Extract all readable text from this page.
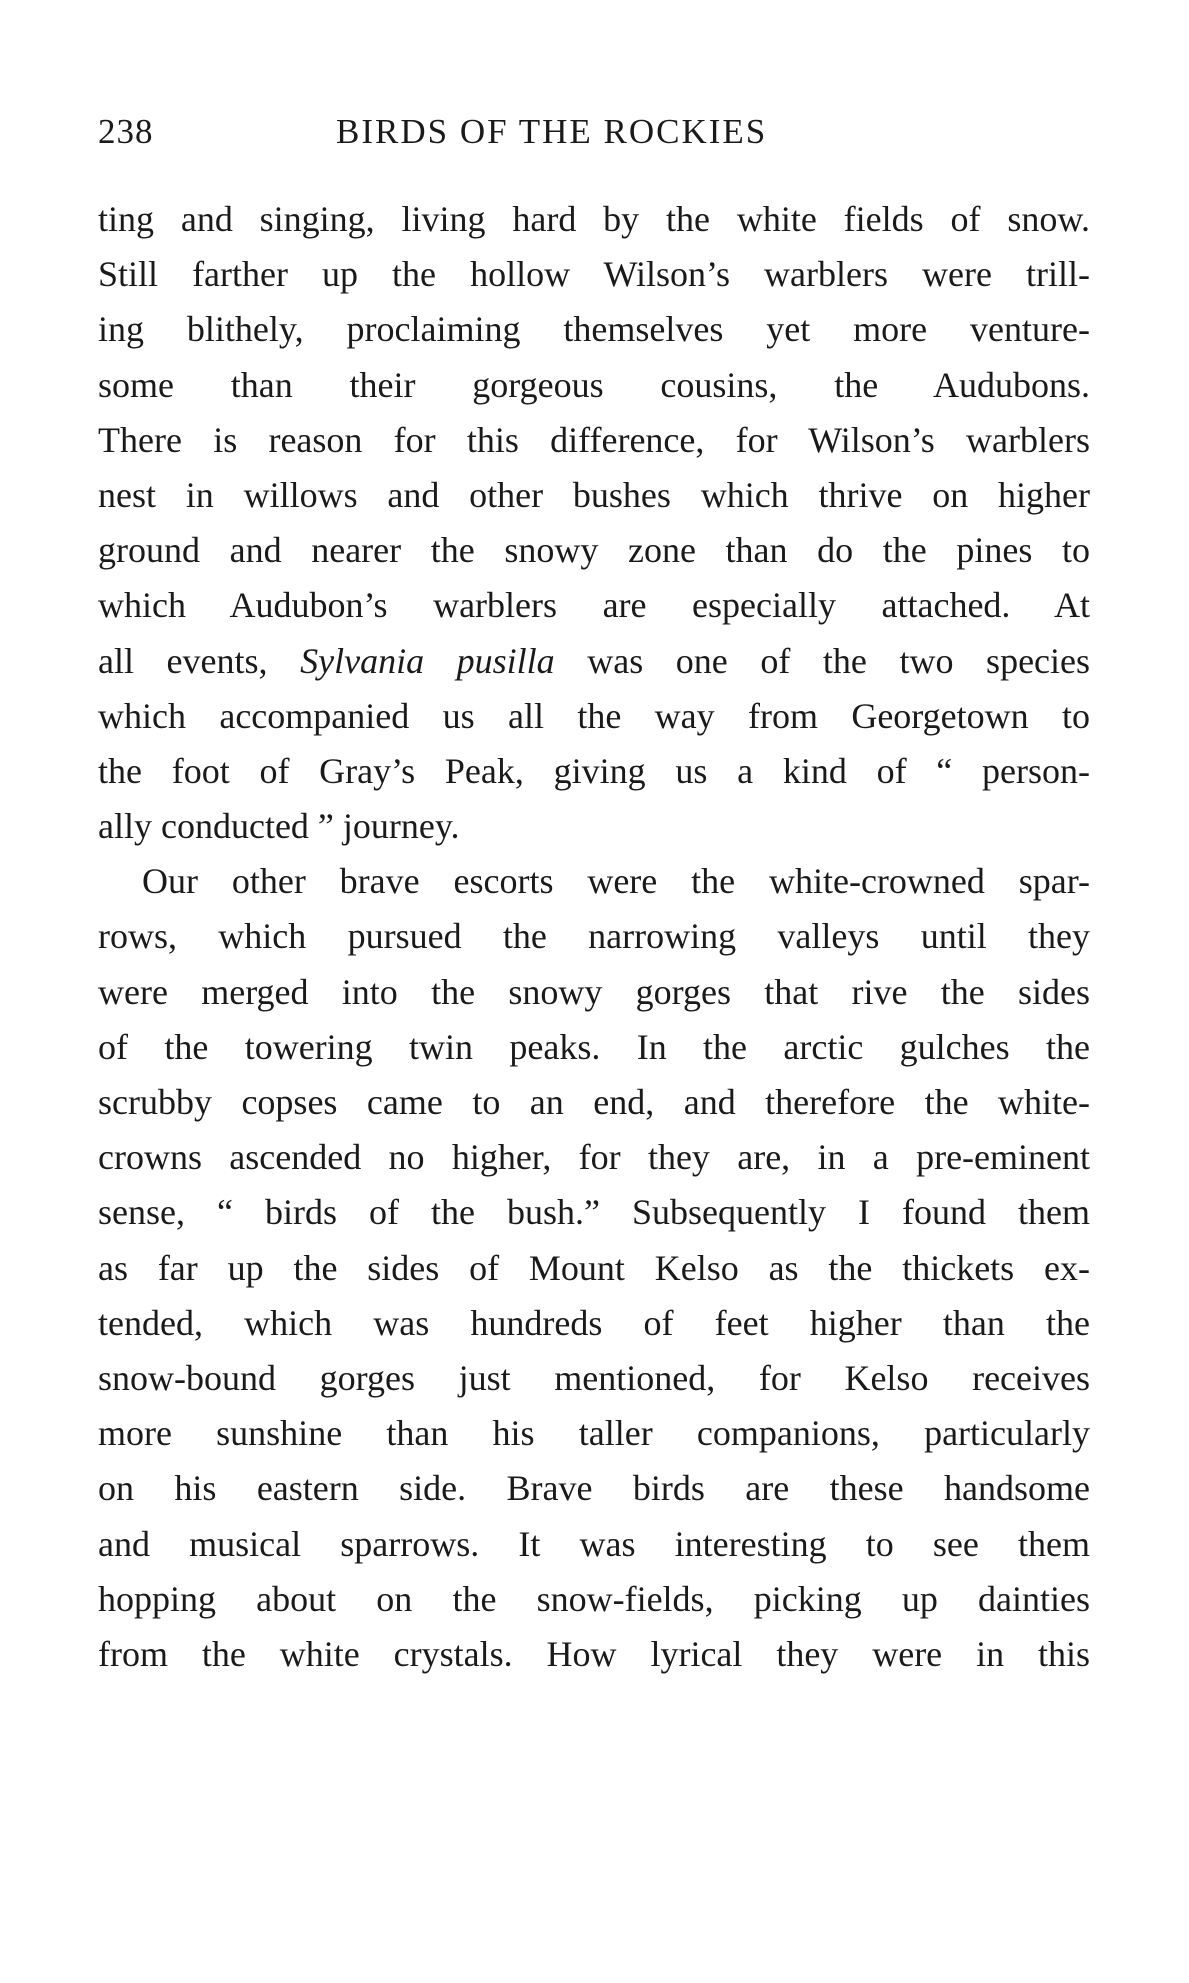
238	BIRDS OF THE ROCKIES
ting and singing, living hard by the white fields of snow.
Still farther up the hollow Wilson’s warblers were trill-
ing blithely, proclaiming themselves yet more venture-
some than their gorgeous cousins, the Audubons.
There is reason for this difference, for Wilson’s warblers
nest in willows and other bushes which thrive on higher
ground and nearer the snowy zone than do the pines to
which Audubon’s warblers are especially attached. At
all events, Sylvania pusilla was one of the two species
which accompanied us all the way from Georgetown to
the foot of Gray’s Peak, giving us a kind of “ person-
ally conducted ” journey.
Our other brave escorts were the white-crowned spar-
rows, which pursued the narrowing valleys until they
were merged into the snowy gorges that rive the sides
of the towering twin peaks. In the arctic gulches the
scrubby copses came to an end, and therefore the white-
crowns ascended no higher, for they are, in a pre-eminent
sense, “ birds of the bush.” Subsequently I found them
as far up the sides of Mount Kelso as the thickets ex-
tended, which was hundreds of feet higher than the
snow-bound gorges just mentioned, for Kelso receives
more sunshine than his taller companions, particularly
on his eastern side. Brave birds are these handsome
and musical sparrows. It was interesting to see them
hopping about on the snow-fields, picking up dainties
from the white crystals. How lyrical they were in this
